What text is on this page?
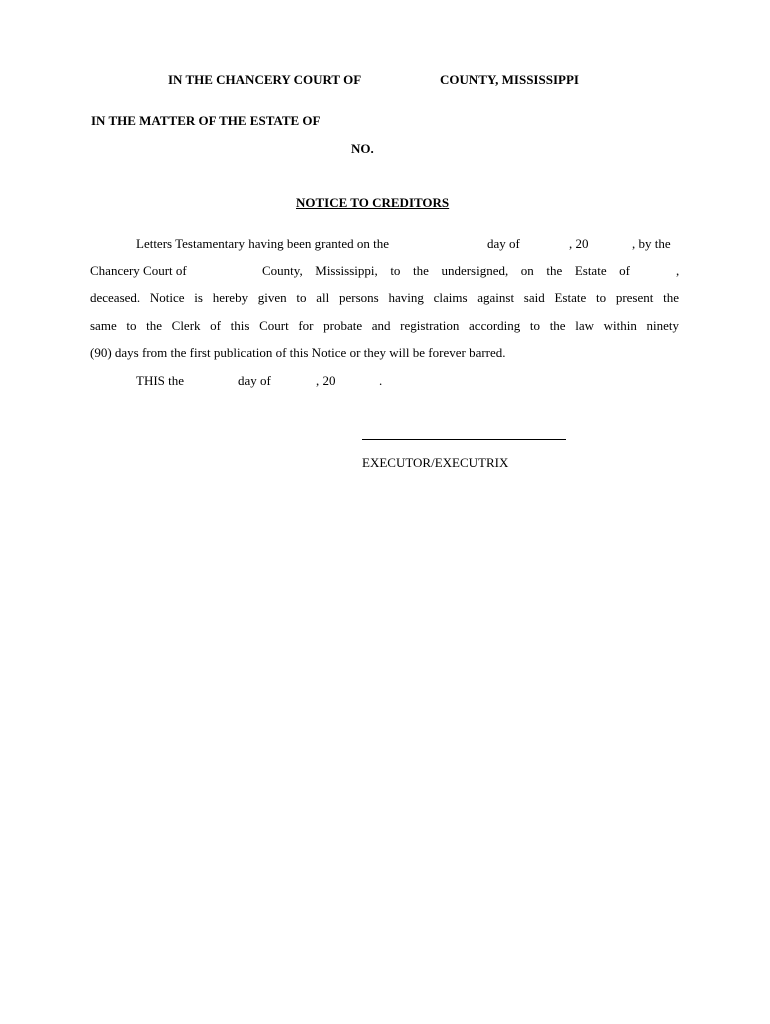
IN THE CHANCERY COURT OF	COUNTY, MISSISSIPPI
IN THE MATTER OF THE ESTATE OF
NO.
NOTICE TO CREDITORS
Letters Testamentary having been granted on the	day of	, 20	, by the
Chancery Court of	County, Mississippi, to the undersigned, on the Estate of	,
deceased. Notice is hereby given to all persons having claims against said Estate to present the
same to the Clerk of this Court for probate and registration according to the law within ninety
(90) days from the first publication of this Notice or they will be forever barred.
THIS the	day of	, 20	.
EXECUTOR/EXECUTRIX
